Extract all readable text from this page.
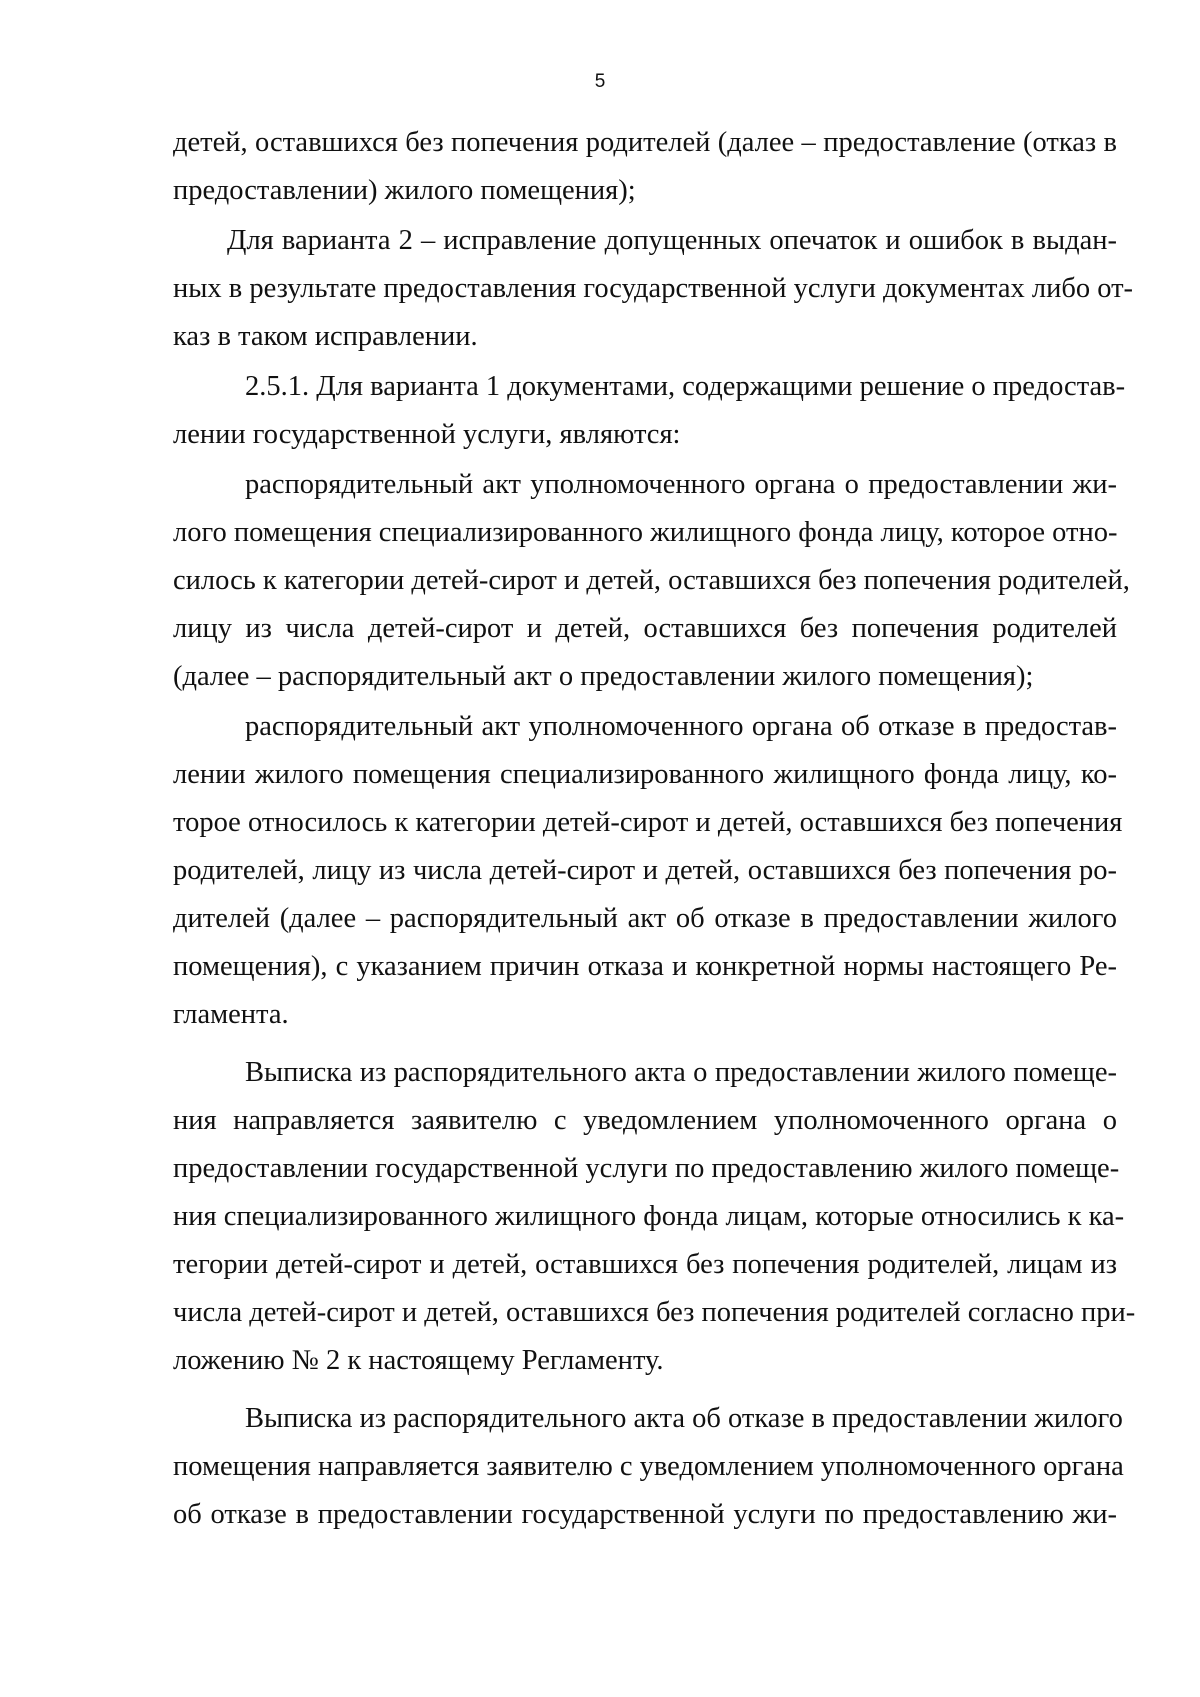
5
детей, оставшихся без попечения родителей (далее – предоставление (отказ в
предоставлении) жилого помещения);
Для варианта 2 – исправление допущенных опечаток и ошибок в выдан-
ных в результате предоставления государственной услуги документах либо от-
каз в таком исправлении.
2.5.1. Для варианта 1 документами, содержащими решение о предостав-
лении государственной услуги, являются:
распорядительный акт уполномоченного органа о предоставлении жи-
лого помещения специализированного жилищного фонда лицу, которое отно-
силось к категории детей-сирот и детей, оставшихся без попечения родителей,
лицу из числа детей-сирот и детей, оставшихся без попечения родителей
(далее – распорядительный акт о предоставлении жилого помещения);
распорядительный акт уполномоченного органа об отказе в предостав-
лении жилого помещения специализированного жилищного фонда лицу, ко-
торое относилось к категории детей-сирот и детей, оставшихся без попечения
родителей, лицу из числа детей-сирот и детей, оставшихся без попечения ро-
дителей (далее – распорядительный акт об отказе в предоставлении жилого
помещения), с указанием причин отказа и конкретной нормы настоящего Ре-
гламента.
Выписка из распорядительного акта о предоставлении жилого помеще-
ния направляется заявителю с уведомлением уполномоченного органа о
предоставлении государственной услуги по предоставлению жилого помеще-
ния специализированного жилищного фонда лицам, которые относились к ка-
тегории детей-сирот и детей, оставшихся без попечения родителей, лицам из
числа детей-сирот и детей, оставшихся без попечения родителей согласно при-
ложению № 2 к настоящему Регламенту.
Выписка из распорядительного акта об отказе в предоставлении жилого
помещения направляется заявителю с уведомлением уполномоченного органа
об отказе в предоставлении государственной услуги по предоставлению жи-
